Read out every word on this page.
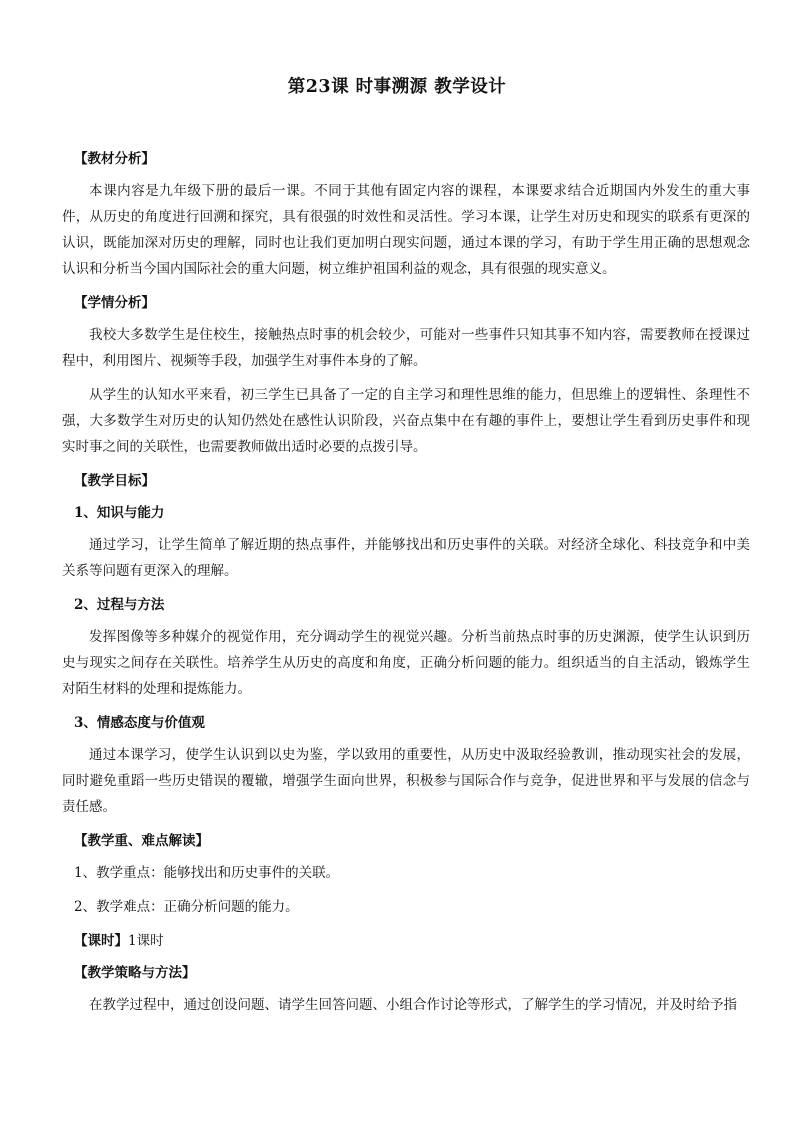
第23课 时事溯源 教学设计
【教材分析】

本课内容是九年级下册的最后一课。不同于其他有固定内容的课程，本课要求结合近期国内外发生的重大事件，从历史的角度进行回溯和探究，具有很强的时效性和灵活性。学习本课，让学生对历史和现实的联系有更深的认识，既能加深对历史的理解，同时也让我们更加明白现实问题，通过本课的学习，有助于学生用正确的思想观念认识和分析当今国内国际社会的重大问题，树立维护祖国利益的观念，具有很强的现实意义。

【学情分析】

我校大多数学生是住校生，接触热点时事的机会较少，可能对一些事件只知其事不知内容，需要教师在授课过程中，利用图片、视频等手段，加强学生对事件本身的了解。

从学生的认知水平来看，初三学生已具备了一定的自主学习和理性思维的能力，但思维上的逻辑性、条理性不强，大多数学生对历史的认知仍然处在感性认识阶段，兴奋点集中在有趣的事件上，要想让学生看到历史事件和现实时事之间的关联性，也需要教师做出适时必要的点拨引导。

【教学目标】
1、知识与能力

通过学习，让学生简单了解近期的热点事件，并能够找出和历史事件的关联。对经济全球化、科技竞争和中美关系等问题有更深入的理解。

2、过程与方法

发挥图像等多种媒介的视觉作用，充分调动学生的视觉兴趣。分析当前热点时事的历史渊源，使学生认识到历史与现实之间存在关联性。培养学生从历史的高度和角度，正确分析问题的能力。组织适当的自主活动，锻炼学生对陌生材料的处理和提炼能力。

3、情感态度与价值观

通过本课学习，使学生认识到以史为鉴，学以致用的重要性，从历史中汲取经验教训，推动现实社会的发展，同时避免重蹈一些历史错误的覆辙，增强学生面向世界，积极参与国际合作与竞争，促进世界和平与发展的信念与责任感。

【教学重、难点解读】
1、教学重点：能够找出和历史事件的关联。
2、教学难点：正确分析问题的能力。
【课时】1课时
【教学策略与方法】

在教学过程中，通过创设问题、请学生回答问题、小组合作讨论等形式，了解学生的学习情况，并及时给予指
